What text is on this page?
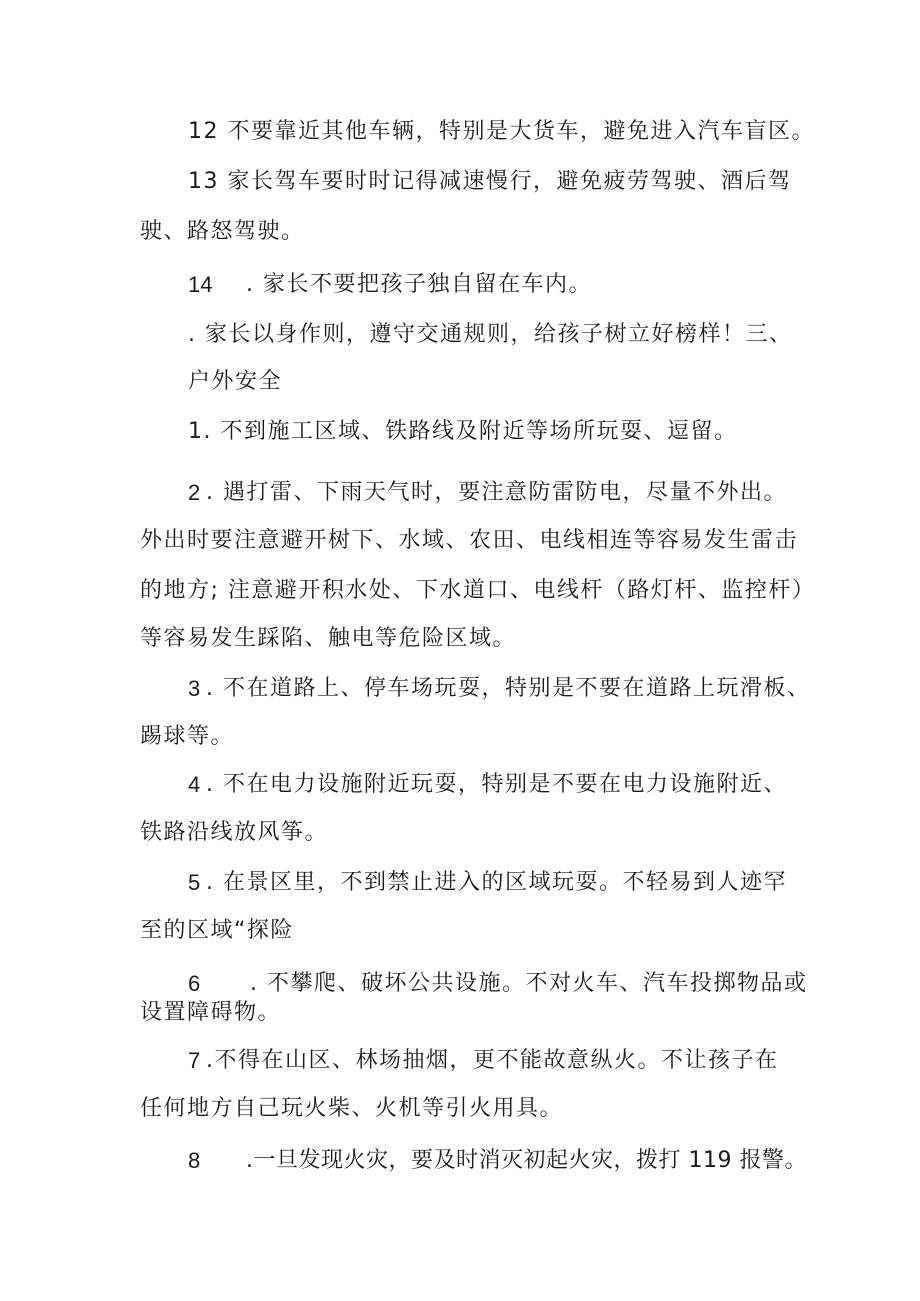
12 不要靠近其他车辆，特别是大货车，避免进入汽车盲区。
13 家长驾车要时时记得减速慢行，避免疲劳驾驶、酒后驾
驶、路怒驾驶。
14 . 家长不要把孩子独自留在车内。
. 家长以身作则，遵守交通规则，给孩子树立好榜样！三、
户外安全
1. 不到施工区域、铁路线及附近等场所玩耍、逗留。
2 . 遇打雷、下雨天气时，要注意防雷防电，尽量不外出。
外出时要注意避开树下、水域、农田、电线相连等容易发生雷击
的地方; 注意避开积水处、下水道口、电线杆（路灯杆、监控杆）
等容易发生踩陷、触电等危险区域。
3 . 不在道路上、停车场玩耍，特别是不要在道路上玩滑板、
踢球等。
4 . 不在电力设施附近玩耍，特别是不要在电力设施附近、
铁路沿线放风筝。
5 . 在景区里，不到禁止进入的区域玩耍。不轻易到人迹罕
至的区域“探险
6 . 不攀爬、破坏公共设施。不对火车、汽车投掷物品或
设置障碍物。
7 .不得在山区、林场抽烟，更不能故意纵火。不让孩子在
任何地方自己玩火柴、火机等引火用具。
8 .一旦发现火灾，要及时消灭初起火灾，拨打 119 报警。
